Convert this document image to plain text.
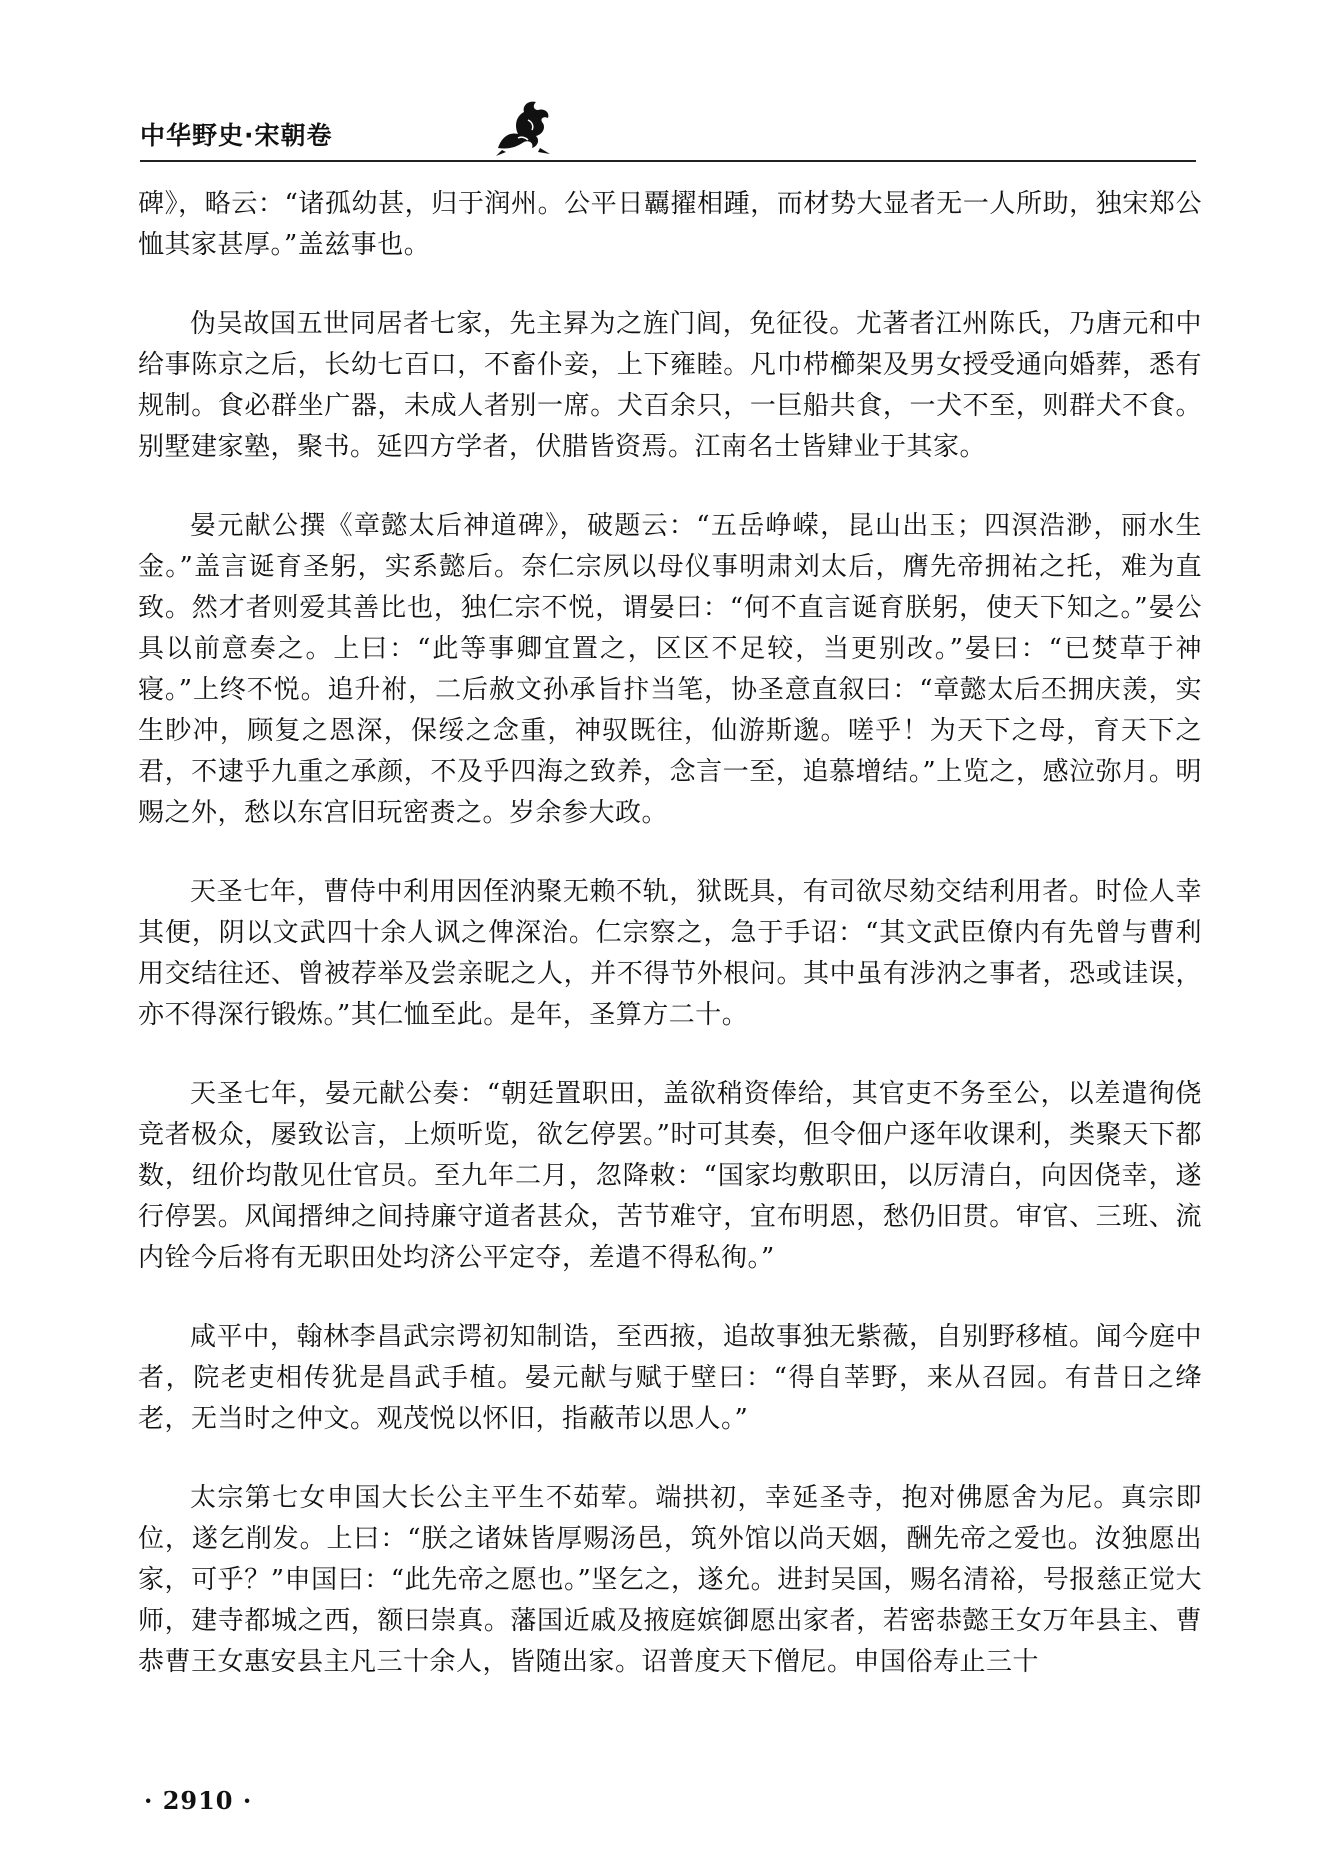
中华野史·宋朝卷

碑》，略云：“诸孤幼甚，归于润州。公平日覊擢相踵，而材势大显者无一人所助，独宋郑公恤其家甚厚。”盖兹事也。

伪吴故国五世同居者七家，先主昪为之旌门闾，免征役。尤著者江州陈氏，乃唐元和中给事陈京之后，长幼七百口，不畜仆妾，上下雍睦。凡巾栉櫛架及男女授受通向婚葬，悉有规制。食必群坐广器，未成人者别一席。犬百余只，一巨船共食，一犬不至，则群犬不食。别墅建家塾，聚书。延四方学者，伏腊皆资焉。江南名士皆肄业于其家。

晏元献公撰《章懿太后神道碑》，破题云：“五岳峥嵘，昆山出玉；四溟浩渺，丽水生金。”盖言诞育圣躬，实系懿后。奈仁宗夙以母仪事明肃刘太后，膺先帝拥祐之托，难为直致。然才者则爱其善比也，独仁宗不悦，谓晏曰：“何不直言诞育朕躬，使天下知之。”晏公具以前意奏之。上曰：“此等事卿宜置之，区区不足较，当更别改。”晏曰：“已焚草于神寝。”上终不悦。追升祔，二后赦文孙承旨抃当笔，协圣意直叙曰：“章懿太后丕拥庆羡，实生眇冲，顾复之恩深，保绥之念重，神驭既往，仙游斯邈。嗟乎！为天下之母，育天下之君，不逮乎九重之承颜，不及乎四海之致养，念言一至，追慕增结。”上览之，感泣弥月。明赐之外，愁以东宫旧玩密赉之。岁余参大政。

天圣七年，曹侍中利用因侄汭聚无赖不轨，狱既具，有司欲尽劾交结利用者。时俭人幸其便，阴以文武四十余人讽之俾深治。仁宗察之，急于手诏：“其文武臣僚内有先曾与曹利用交结往还、曾被荐举及尝亲昵之人，并不得节外根问。其中虽有涉汭之事者，恐或诖误，亦不得深行锻炼。”其仁恤至此。是年，圣算方二十。

天圣七年，晏元献公奏：“朝廷置职田，盖欲稍资俸给，其官吏不务至公，以差遣徇侥竞者极众，屡致讼言，上烦听览，欲乞停罢。”时可其奏，但令佃户逐年收课利，类聚天下都数，纽价均散见仕官员。至九年二月，忽降敕：“国家均敷职田，以厉清白，向因侥幸，遂行停罢。风闻搢绅之间持廉守道者甚众，苦节难守，宜布明恩，愁仍旧贯。审官、三班、流内铨今后将有无职田处均济公平定夺，差遣不得私徇。”

咸平中，翰林李昌武宗谔初知制诰，至西掖，追故事独无紫薇，自别野移植。闻今庭中者，院老吏相传犹是昌武手植。晏元献与赋于壁曰：“得自莘野，来从召园。有昔日之绛老，无当时之仲文。观茂悦以怀旧，指蔽芾以思人。”

太宗第七女申国大长公主平生不茹荤。端拱初，幸延圣寺，抱对佛愿舍为尼。真宗即位，遂乞削发。上曰：“朕之诸妹皆厚赐汤邑，筑外馆以尚天姻，酬先帝之爱也。汝独愿出家，可乎？”申国曰：“此先帝之愿也。”坚乞之，遂允。进封吴国，赐名清裕，号报慈正觉大师，建寺都城之西，额曰崇真。藩国近戚及掖庭嫔御愿出家者，若密恭懿王女万年县主、曹恭曹王女惠安县主凡三十余人，皆随出家。诏普度天下僧尼。申国俗寿止三十

· 2910 ·
